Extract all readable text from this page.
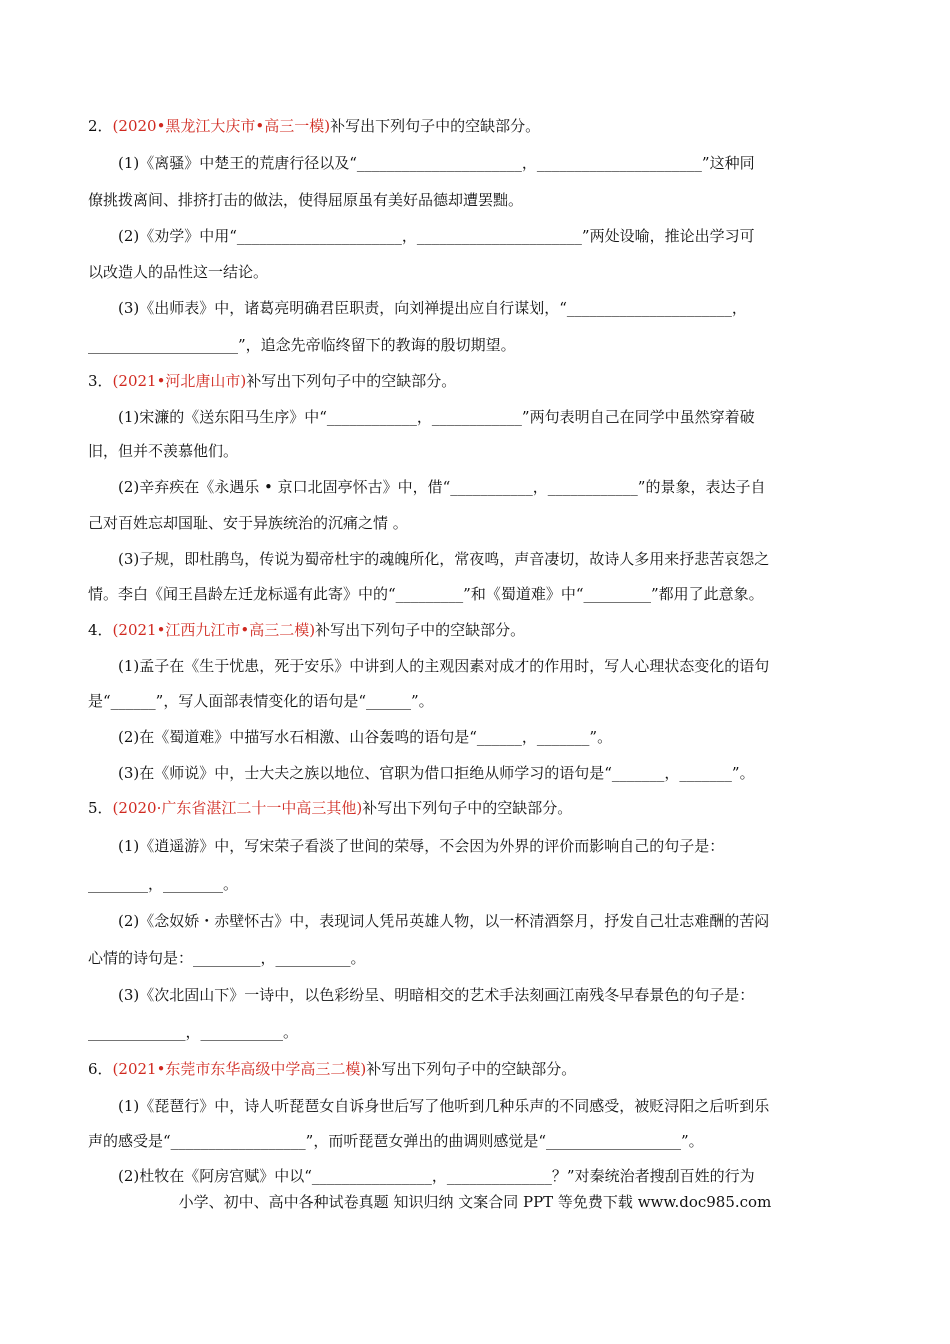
2．(2020•黑龙江大庆市•高三一模)补写出下列句子中的空缺部分。
(1)《离骚》中楚王的荒唐行径以及“______________________，______________________”这种同
僚挑拨离间、排挤打击的做法，使得屈原虽有美好品德却遭罢黜。
(2)《劝学》中用“______________________，______________________”两处设喻，推论出学习可
以改造人的品性这一结论。
(3)《出师表》中，诸葛亮明确君臣职责，向刘禅提出应自行谋划，“______________________，
____________________”，追念先帝临终留下的教诲的殷切期望。
3．(2021•河北唐山市)补写出下列句子中的空缺部分。
(1)宋濂的《送东阳马生序》中“____________，____________”两句表明自己在同学中虽然穿着破
旧，但并不羡慕他们。
(2)辛弃疾在《永遇乐 • 京口北固亭怀古》中，借“___________，____________”的景象，表达子自
己对百姓忘却国耻、安于异族统治的沉痛之情 。
(3)子规，即杜鹃鸟，传说为蜀帝杜宇的魂魄所化，常夜鸣，声音凄切，故诗人多用来抒悲苦哀怨之
情。李白《闻王昌龄左迁龙标遥有此寄》中的“_________”和《蜀道难》中“_________”都用了此意象。
4．(2021•江西九江市•高三二模)补写出下列句子中的空缺部分。
(1)孟子在《生于忧患，死于安乐》中讲到人的主观因素对成才的作用时，写人心理状态变化的语句
是“______”，写人面部表情变化的语句是“______”。
(2)在《蜀道难》中描写水石相激、山谷轰鸣的语句是“______，_______”。
(3)在《师说》中，士大夫之族以地位、官职为借口拒绝从师学习的语句是“_______，_______”。
5．(2020·广东省湛江二十一中高三其他)补写出下列句子中的空缺部分。
(1)《逍遥游》中，写宋荣子看淡了世间的荣辱，不会因为外界的评价而影响自己的句子是：
________，________。
(2)《念奴娇・赤壁怀古》中，表现词人凭吊英雄人物，以一杯清酒祭月，抒发自己壮志难酬的苦闷
心情的诗句是：_________，__________。
(3)《次北固山下》一诗中，以色彩纷呈、明暗相交的艺术手法刻画江南残冬早春景色的句子是：
_____________，___________。
6．(2021•东莞市东华高级中学高三二模)补写出下列句子中的空缺部分。
(1)《琵琶行》中，诗人听琵琶女自诉身世后写了他听到几种乐声的不同感受，被贬浔阳之后听到乐
声的感受是“__________________”，而听琵琶女弹出的曲调则感觉是“__________________”。
(2)杜牧在《阿房宫赋》中以“________________，______________？”对秦统治者搜刮百姓的行为
小学、初中、高中各种试卷真题 知识归纳 文案合同 PPT 等免费下载 www.doc985.com
